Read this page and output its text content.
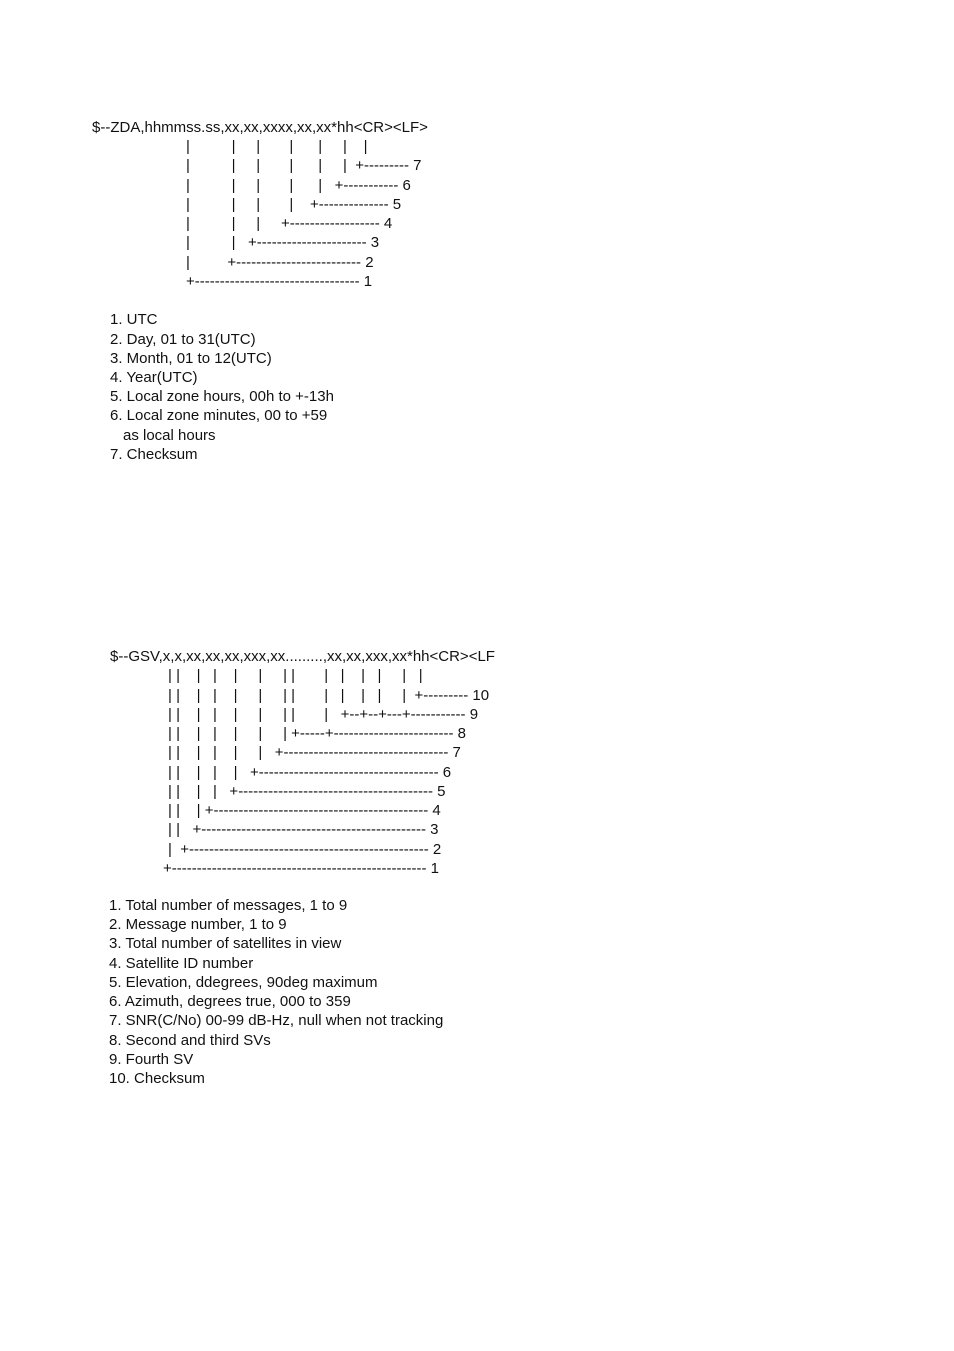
$--ZDA,hhmmss.ss,xx,xx,xxxx,xx,xx*hh<CR><LF>
|          |     |       |      |     |    |
|          |     |       |      |     |  +--------- 7
|          |     |       |      |   +----------- 6
|          |     |       |    +-------------- 5
|          |     |     +------------------ 4
|          |   +---------------------- 3
|         +------------------------- 2
+--------------------------------- 1
1. UTC
2. Day, 01 to 31(UTC)
3. Month, 01 to 12(UTC)
4. Year(UTC)
5. Local zone hours, 00h to +-13h
6. Local zone minutes, 00 to +59
as local hours
7. Checksum
$--GSV,x,x,xx,xx,xx,xxx,xx.........,xx,xx,xxx,xx*hh<CR><LF
| |    |   |    |     |     | |       |   |    |   |     |   |
| |    |   |    |     |     | |       |   |    |   |     |  +--------- 10
| |    |   |    |     |     | |       |   +--+--+---+----------- 9
| |    |   |    |     |     | +-----+------------------------ 8
| |    |   |    |     |   +--------------------------------- 7
| |    |   |    |   +------------------------------------ 6
| |    |   |   +--------------------------------------- 5
| |    | +------------------------------------------- 4
| |   +--------------------------------------------- 3
|  +------------------------------------------------ 2
+--------------------------------------------------- 1
1. Total number of messages, 1 to 9
2. Message number, 1 to 9
3. Total number of satellites in view
4. Satellite ID number
5. Elevation, ddegrees, 90deg maximum
6. Azimuth, degrees true, 000 to 359
7. SNR(C/No) 00-99 dB-Hz, null when not tracking
8. Second and third SVs
9. Fourth SV
10. Checksum
